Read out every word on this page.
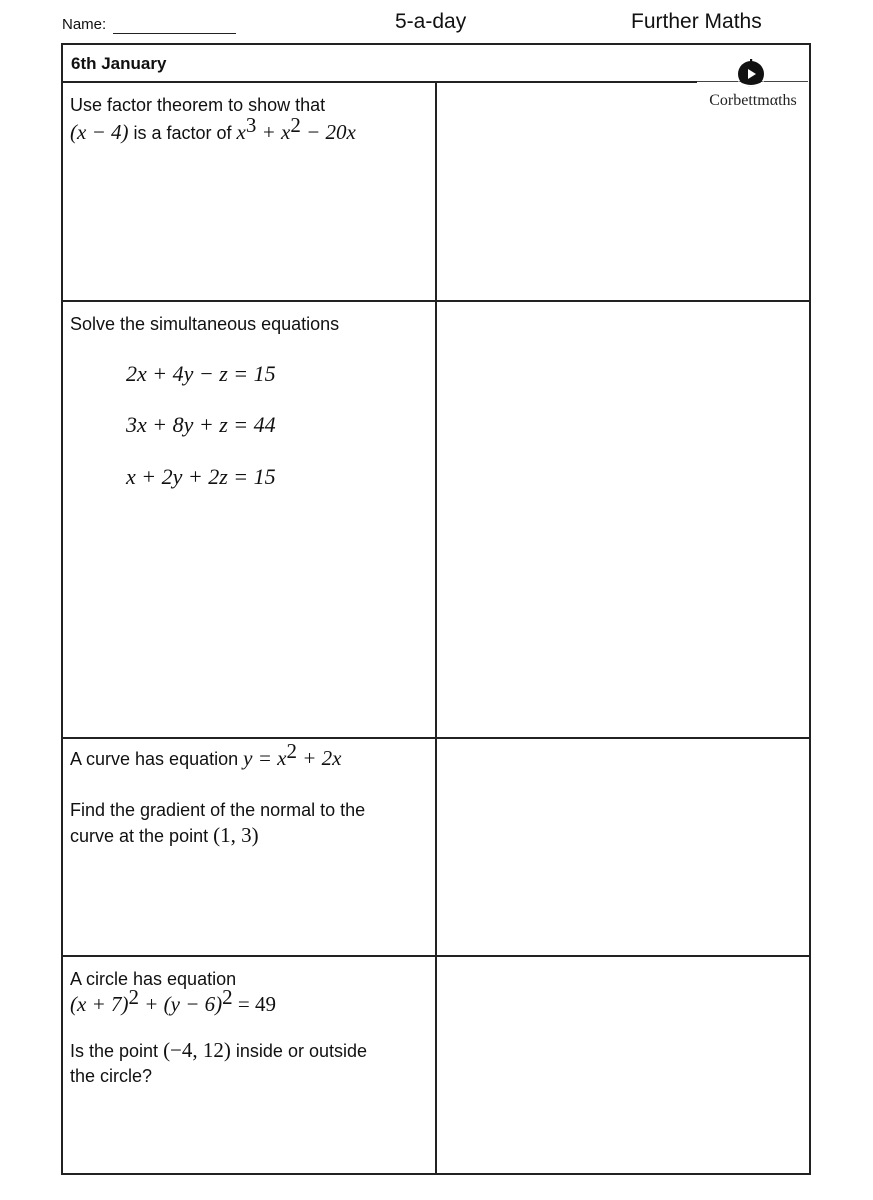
Name:	5-a-day	Further Maths
6th January
Corbettmαths
Use factor theorem to show that
(x − 4) is a factor of $x^3 + x^2 - 20x$
Solve the simultaneous equations
2x + 4y − z = 15
3x + 8y + z = 44
x + 2y + 2z = 15
A curve has equation $y = x^2 + 2x$
Find the gradient of the normal to the
curve at the point (1, 3)
A circle has equation
$(x + 7)^2 + (y - 6)^2 = 49$
Is the point (−4, 12) inside or outside
the circle?
